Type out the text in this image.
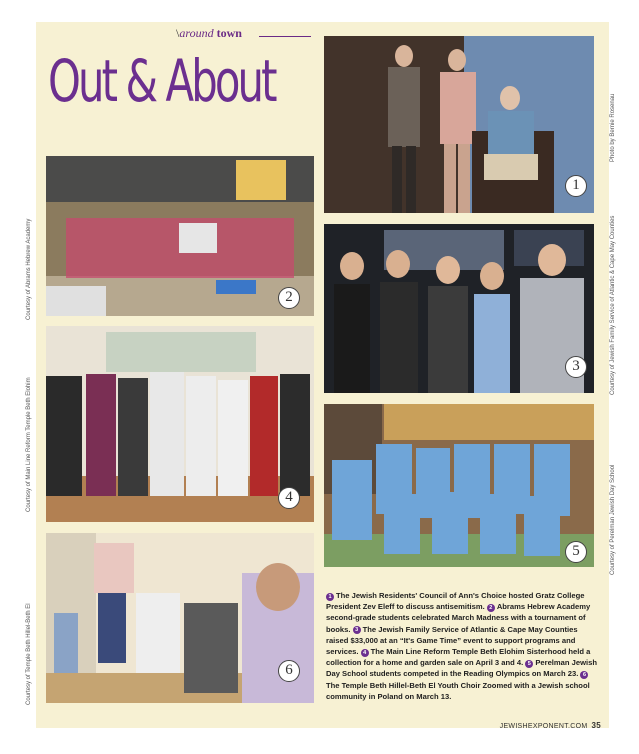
\around town
Out & About
1
2
3
4
5
6
Photo by Bernie Rosenau
Courtesy of Abrams Hebrew Academy	Courtesy of Jewish Family Service of Atlantic & Cape May Counties
Courtesy of Main Line Reform Temple Beth Elohim
Courtesy of Perelman Jewish Day School
Courtesy of Temple Beth Hillel-Beth El
1 The Jewish Residents' Council of Ann's Choice hosted Gratz College President Zev Eleff to discuss antisemitism. 2 Abrams Hebrew Academy second-grade students celebrated March Madness with a tournament of books. 3 The Jewish Family Service of Atlantic & Cape May Counties raised $33,000 at an “It's Game Time” event to support programs and services. 4 The Main Line Reform Temple Beth Elohim Sisterhood held a collection for a home and garden sale on April 3 and 4. 5 Perelman Jewish Day School students competed in the Reading Olympics on March 23. 6The Temple Beth Hillel-Beth El Youth Choir Zoomed with a Jewish school community in Poland on March 13.
JEWISHEXPONENT.COM 35
